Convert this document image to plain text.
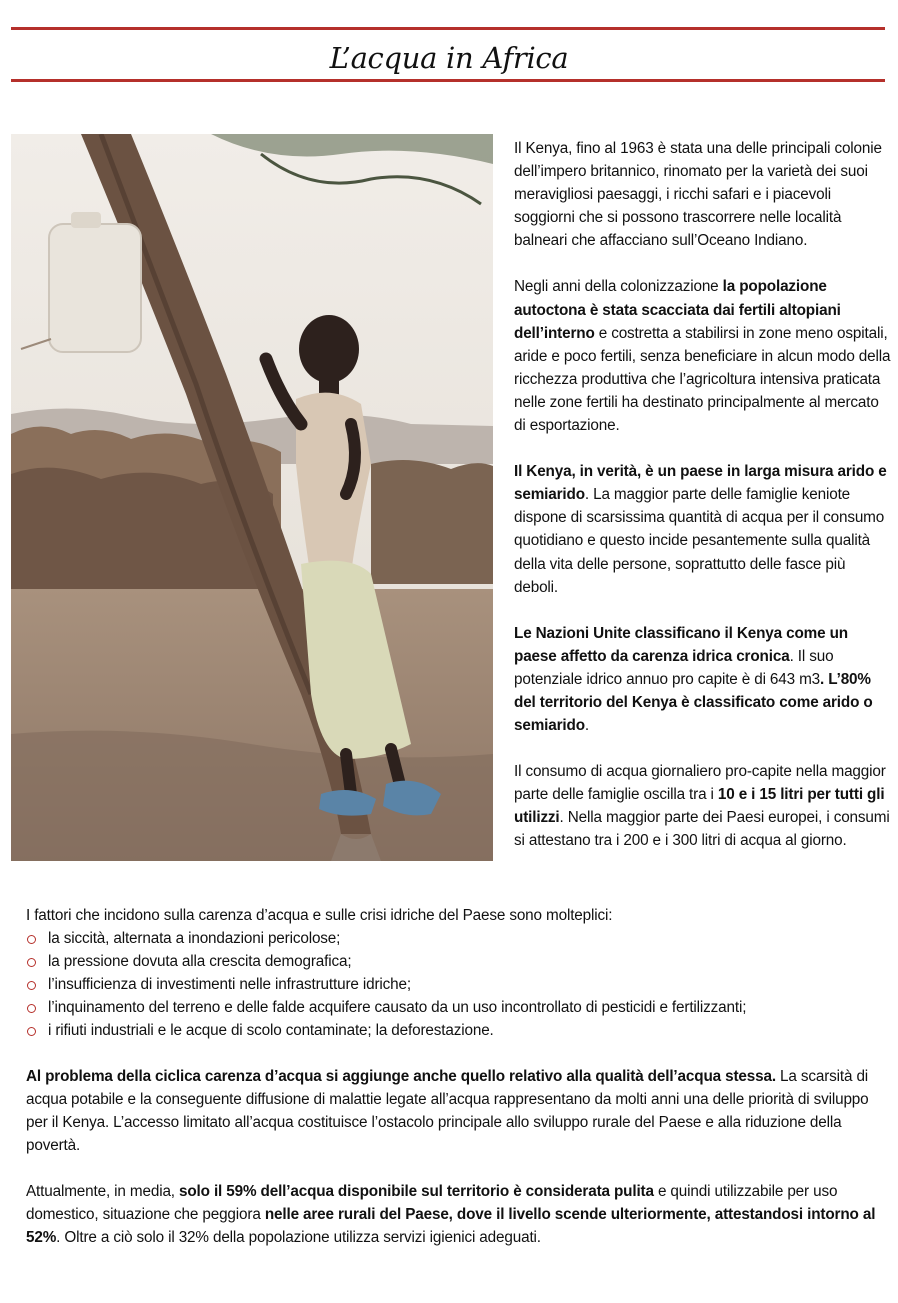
L’acqua in Africa

Il Kenya, fino al 1963 è stata una delle principali colonie dell’impero britannico, rinomato per la varietà dei suoi meravigliosi paesaggi, i ricchi safari e i piacevoli soggiorni che si possono trascorrere nelle località balneari che affacciano sull’Oceano Indiano.

Negli anni della colonizzazione la popolazione autoctona è stata scacciata dai fertili altopiani dell’interno e costretta a stabilirsi in zone meno ospitali, aride e poco fertili, senza beneficiare in alcun modo della ricchezza produttiva che l’agricoltura intensiva praticata nelle zone fertili ha destinato principalmente al mercato di esportazione.

Il Kenya, in verità, è un paese in larga misura arido e semiarido. La maggior parte delle famiglie keniote dispone di scarsissima quantità di acqua per il consumo quotidiano e questo incide pesantemente sulla qualità della vita delle persone, soprattutto delle fasce più deboli.

Le Nazioni Unite classificano il Kenya come un paese affetto da carenza idrica cronica. Il suo potenziale idrico annuo pro capite è di 643 m3. L’80% del territorio del Kenya è classificato come arido o semiarido.

Il consumo di acqua giornaliero pro-capite nella maggior parte delle famiglie oscilla tra i 10 e i 15 litri per tutti gli utilizzi. Nella maggior parte dei Paesi europei, i consumi si attestano tra i 200 e i 300 litri di acqua al giorno.

I fattori che incidono sulla carenza d’acqua e sulle crisi idriche del Paese sono molteplici:

la siccità, alternata a inondazioni pericolose;
la pressione dovuta alla crescita demografica;
l’insufficienza di investimenti nelle infrastrutture idriche;
l’inquinamento del terreno e delle falde acquifere causato da un uso incontrollato di pesticidi e fertilizzanti;
i rifiuti industriali e le acque di scolo contaminate; la deforestazione.

Al problema della ciclica carenza d’acqua si aggiunge anche quello relativo alla qualità dell’acqua stessa. La scarsità di acqua potabile e la conseguente diffusione di malattie legate all’acqua rappresentano da molti anni una delle priorità di sviluppo per il Kenya. L’accesso limitato all’acqua costituisce l’ostacolo principale allo sviluppo rurale del Paese e alla riduzione della povertà.

Attualmente, in media, solo il 59% dell’acqua disponibile sul territorio è considerata pulita e quindi utilizzabile per uso domestico, situazione che peggiora nelle aree rurali del Paese, dove il livello scende ulteriormente, attestandosi intorno al 52%. Oltre a ciò solo il 32% della popolazione utilizza servizi igienici adeguati.
